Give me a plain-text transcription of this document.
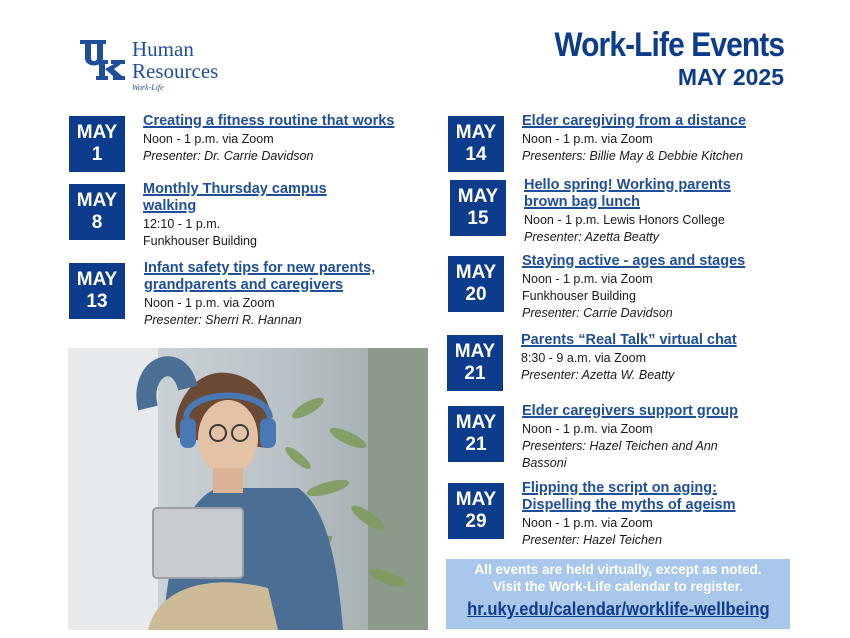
Human
Resources
Work-Life
Work-Life Events
MAY 2025
MAY
1
Creating a fitness routine that works
Noon - 1 p.m. via Zoom
Presenter: Dr. Carrie Davidson
MAY
8
Monthly Thursday campus walking
12:10 - 1 p.m.
Funkhouser Building
MAY
13
Infant safety tips for new parents, grandparents and caregivers
Noon - 1 p.m. via Zoom
Presenter: Sherri R. Hannan
MAY
14
Elder caregiving from a distance
Noon - 1 p.m. via Zoom
Presenters: Billie May & Debbie Kitchen
MAY
15
Hello spring! Working parents brown bag lunch
Noon - 1 p.m. Lewis Honors College
Presenter: Azetta Beatty
MAY
20
Staying active - ages and stages
Noon - 1 p.m. via Zoom
Funkhouser Building
Presenter: Carrie Davidson
MAY
21
Parents “Real Talk” virtual chat
8:30 - 9 a.m. via Zoom
Presenter: Azetta W. Beatty
MAY
21
Elder caregivers support group
Noon - 1 p.m. via Zoom
Presenters: Hazel Teichen and Ann Bassoni
MAY
29
Flipping the script on aging: Dispelling the myths of ageism
Noon - 1 p.m. via Zoom
Presenter: Hazel Teichen
All events are held virtually, except as noted.
Visit the Work-Life calendar to register.
hr.uky.edu/calendar/worklife-wellbeing
